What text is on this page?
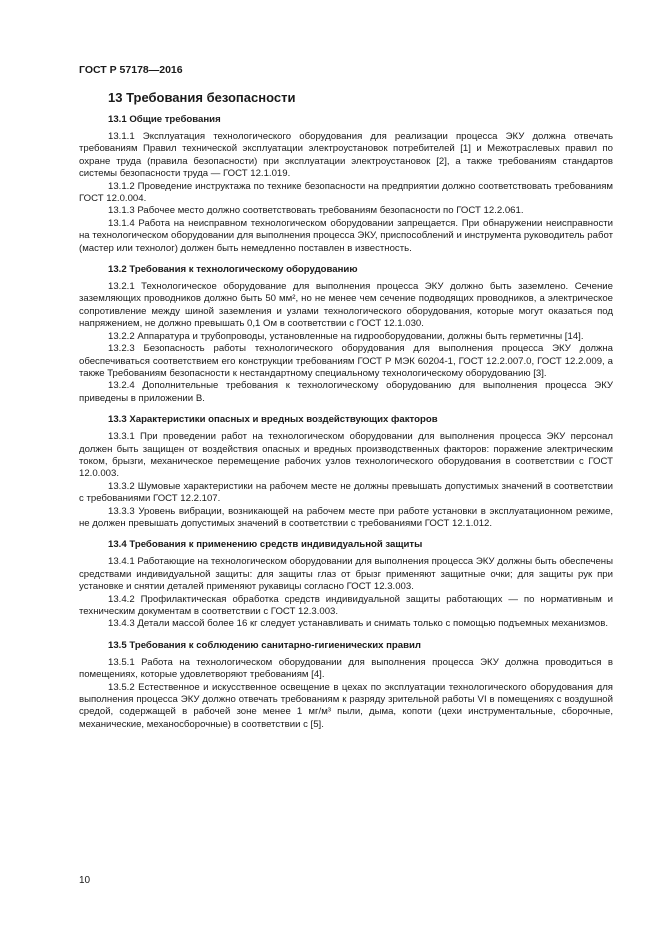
ГОСТ Р 57178—2016
13 Требования безопасности
13.1 Общие требования

13.1.1 Эксплуатация технологического оборудования для реализации процесса ЭКУ должна отвечать требованиям Правил технической эксплуатации электроустановок потребителей [1] и Межотраслевых правил по охране труда (правила безопасности) при эксплуатации электроустановок [2], а также требованиям стандартов системы безопасности труда — ГОСТ 12.1.019.

13.1.2 Проведение инструктажа по технике безопасности на предприятии должно соответствовать требованиям ГОСТ 12.0.004.

13.1.3 Рабочее место должно соответствовать требованиям безопасности по ГОСТ 12.2.061.

13.1.4 Работа на неисправном технологическом оборудовании запрещается. При обнаружении неисправности на технологическом оборудовании для выполнения процесса ЭКУ, приспособлений и инструмента руководитель работ (мастер или технолог) должен быть немедленно поставлен в известность.

13.2 Требования к технологическому оборудованию

13.2.1 Технологическое оборудование для выполнения процесса ЭКУ должно быть заземлено. Сечение заземляющих проводников должно быть 50 мм², но не менее чем сечение подводящих проводников, а электрическое сопротивление между шиной заземления и узлами технологического оборудования, которые могут оказаться под напряжением, не должно превышать 0,1 Ом в соответствии с ГОСТ 12.1.030.

13.2.2 Аппаратура и трубопроводы, установленные на гидрооборудовании, должны быть герметичны [14].

13.2.3 Безопасность работы технологического оборудования для выполнения процесса ЭКУ должна обеспечиваться соответствием его конструкции требованиям ГОСТ Р МЭК 60204-1, ГОСТ 12.2.007.0, ГОСТ 12.2.009, а также Требованиям безопасности к нестандартному специальному технологическому оборудованию [3].

13.2.4 Дополнительные требования к технологическому оборудованию для выполнения процесса ЭКУ приведены в приложении В.

13.3 Характеристики опасных и вредных воздействующих факторов

13.3.1 При проведении работ на технологическом оборудовании для выполнения процесса ЭКУ персонал должен быть защищен от воздействия опасных и вредных производственных факторов: поражение электрическим током, брызги, механическое перемещение рабочих узлов технологического оборудования в соответствии с ГОСТ 12.0.003.

13.3.2 Шумовые характеристики на рабочем месте не должны превышать допустимых значений в соответствии с требованиями ГОСТ 12.2.107.

13.3.3 Уровень вибрации, возникающей на рабочем месте при работе установки в эксплуатационном режиме, не должен превышать допустимых значений в соответствии с требованиями ГОСТ 12.1.012.

13.4 Требования к применению средств индивидуальной защиты

13.4.1 Работающие на технологическом оборудовании для выполнения процесса ЭКУ должны быть обеспечены средствами индивидуальной защиты: для защиты глаз от брызг применяют защитные очки; для защиты рук при установке и снятии деталей применяют рукавицы согласно ГОСТ 12.3.003.

13.4.2 Профилактическая обработка средств индивидуальной защиты работающих — по нормативным и техническим документам в соответствии с ГОСТ 12.3.003.

13.4.3 Детали массой более 16 кг следует устанавливать и снимать только с помощью подъемных механизмов.

13.5 Требования к соблюдению санитарно-гигиенических правил

13.5.1 Работа на технологическом оборудовании для выполнения процесса ЭКУ должна проводиться в помещениях, которые удовлетворяют требованиям [4].

13.5.2 Естественное и искусственное освещение в цехах по эксплуатации технологического оборудования для выполнения процесса ЭКУ должно отвечать требованиям к разряду зрительной работы VI в помещениях с воздушной средой, содержащей в рабочей зоне менее 1 мг/м³ пыли, дыма, копоти (цехи инструментальные, сборочные, механические, механосборочные) в соответствии с [5].

10
